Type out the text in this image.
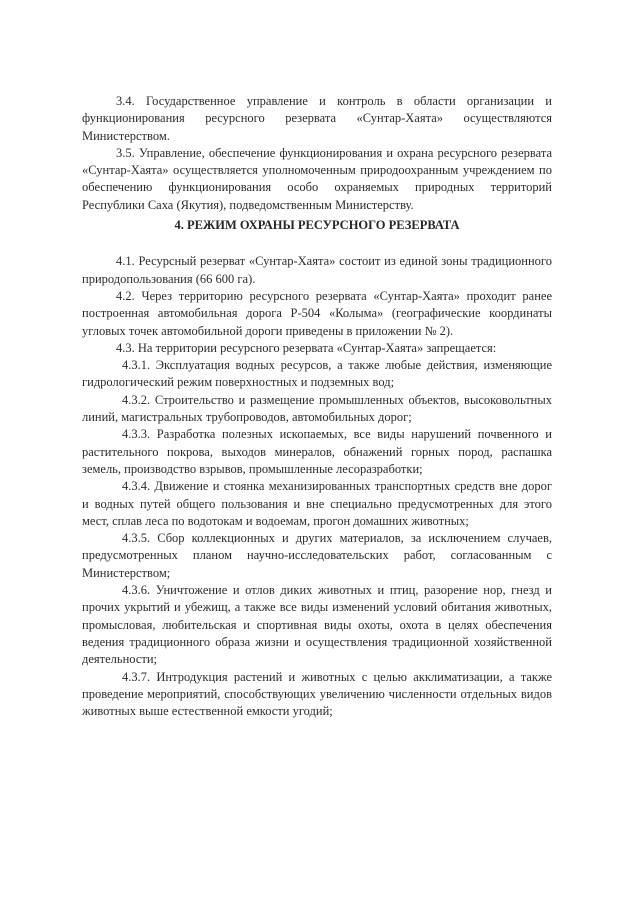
3.4. Государственное управление и контроль в области организации и функционирования ресурсного резервата «Сунтар-Хаята» осуществляются Министерством.

3.5. Управление, обеспечение функционирования и охрана ресурсного резервата «Сунтар-Хаята» осуществляется уполномоченным природоохранным учреждением по обеспечению функционирования особо охраняемых природных территорий Республики Саха (Якутия), подведомственным Министерству.

4. РЕЖИМ ОХРАНЫ РЕСУРСНОГО РЕЗЕРВАТА

4.1. Ресурсный резерват «Сунтар-Хаята» состоит из единой зоны традиционного природопользования (66 600 га).

4.2. Через территорию ресурсного резервата «Сунтар-Хаята» проходит ранее построенная автомобильная дорога Р-504 «Колыма» (географические координаты угловых точек автомобильной дороги приведены в приложении № 2).

4.3. На территории ресурсного резервата «Сунтар-Хаята» запрещается:

4.3.1. Эксплуатация водных ресурсов, а также любые действия, изменяющие гидрологический режим поверхностных и подземных вод;

4.3.2. Строительство и размещение промышленных объектов, высоковольтных линий, магистральных трубопроводов, автомобильных дорог;

4.3.3. Разработка полезных ископаемых, все виды нарушений почвенного и растительного покрова, выходов минералов, обнажений горных пород, распашка земель, производство взрывов, промышленные лесоразработки;

4.3.4. Движение и стоянка механизированных транспортных средств вне дорог и водных путей общего пользования и вне специально предусмотренных для этого мест, сплав леса по водотокам и водоемам, прогон домашних животных;

4.3.5. Сбор коллекционных и других материалов, за исключением случаев, предусмотренных планом научно-исследовательских работ, согласованным с Министерством;

4.3.6. Уничтожение и отлов диких животных и птиц, разорение нор, гнезд и прочих укрытий и убежищ, а также все виды изменений условий обитания животных, промысловая, любительская и спортивная виды охоты, охота в целях обеспечения ведения традиционного образа жизни и осуществления традиционной хозяйственной деятельности;

4.3.7. Интродукция растений и животных с целью акклиматизации, а также проведение мероприятий, способствующих увеличению численности отдельных видов животных выше естественной емкости угодий;
